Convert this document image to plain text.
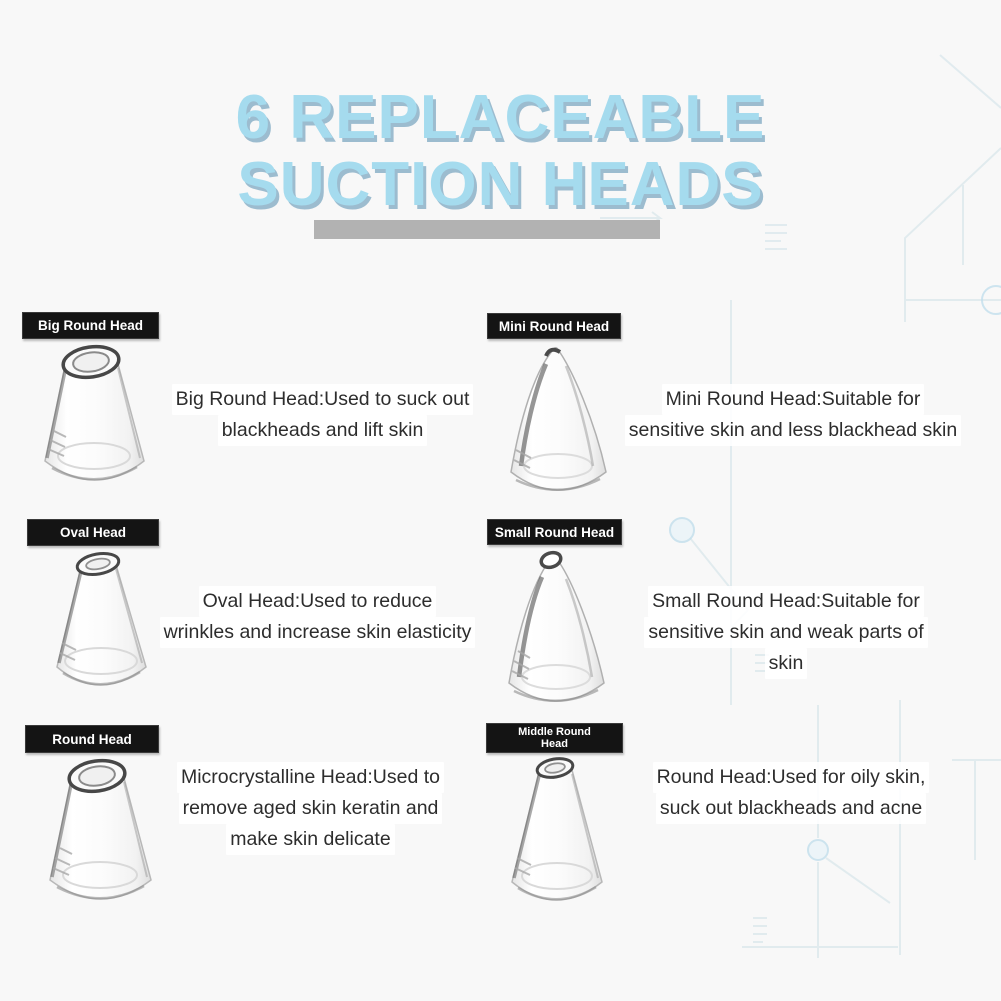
6 REPLACEABLE
SUCTION HEADS
Big Round Head
Big Round Head:Used to suck out
blackheads and lift skin
Mini Round Head
Mini Round Head:Suitable for
sensitive skin and less blackhead skin
Oval Head
Oval Head:Used to reduce
wrinkles and increase skin elasticity
Small Round Head
Small Round Head:Suitable for
sensitive skin and weak parts of
skin
Round Head
Microcrystalline Head:Used to
remove aged skin keratin and
make skin delicate
Middle Round
Head
Round Head:Used for oily skin,
suck out blackheads and acne
